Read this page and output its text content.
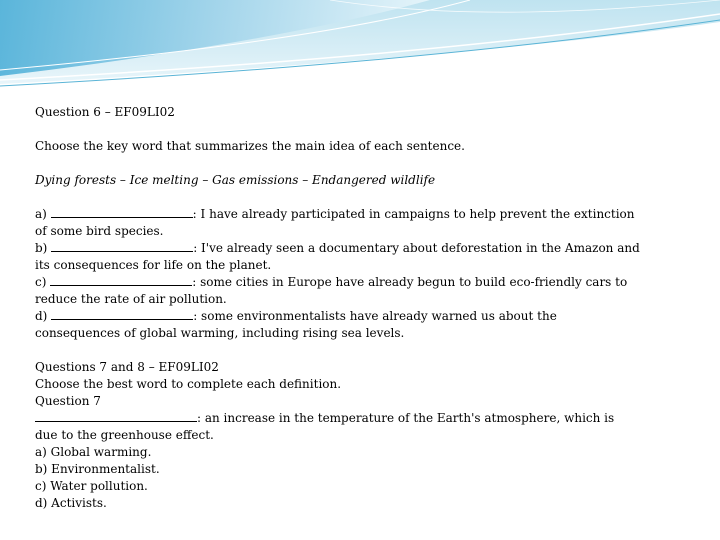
Question 6 – EF09LI02

Choose the key word that summarizes the main idea of each sentence.

Dying forests – Ice melting – Gas emissions – Endangered wildlife

a)	: I have already participated in campaigns to help prevent the extinction of some bird species.

b)	: I've already seen a documentary about deforestation in the Amazon and its consequences for life on the planet.

c)	: some cities in Europe have already begun to build eco-friendly cars to reduce the rate of air pollution.

d)	: some environmentalists have already warned us about the consequences of global warming, including rising sea levels.

Questions 7 and 8 – EF09LI02

Choose the best word to complete each definition.

Question 7

: an increase in the temperature of the Earth's atmosphere, which is due to the greenhouse effect.

a) Global warming.

b) Environmentalist.

c) Water pollution.

d) Activists.
